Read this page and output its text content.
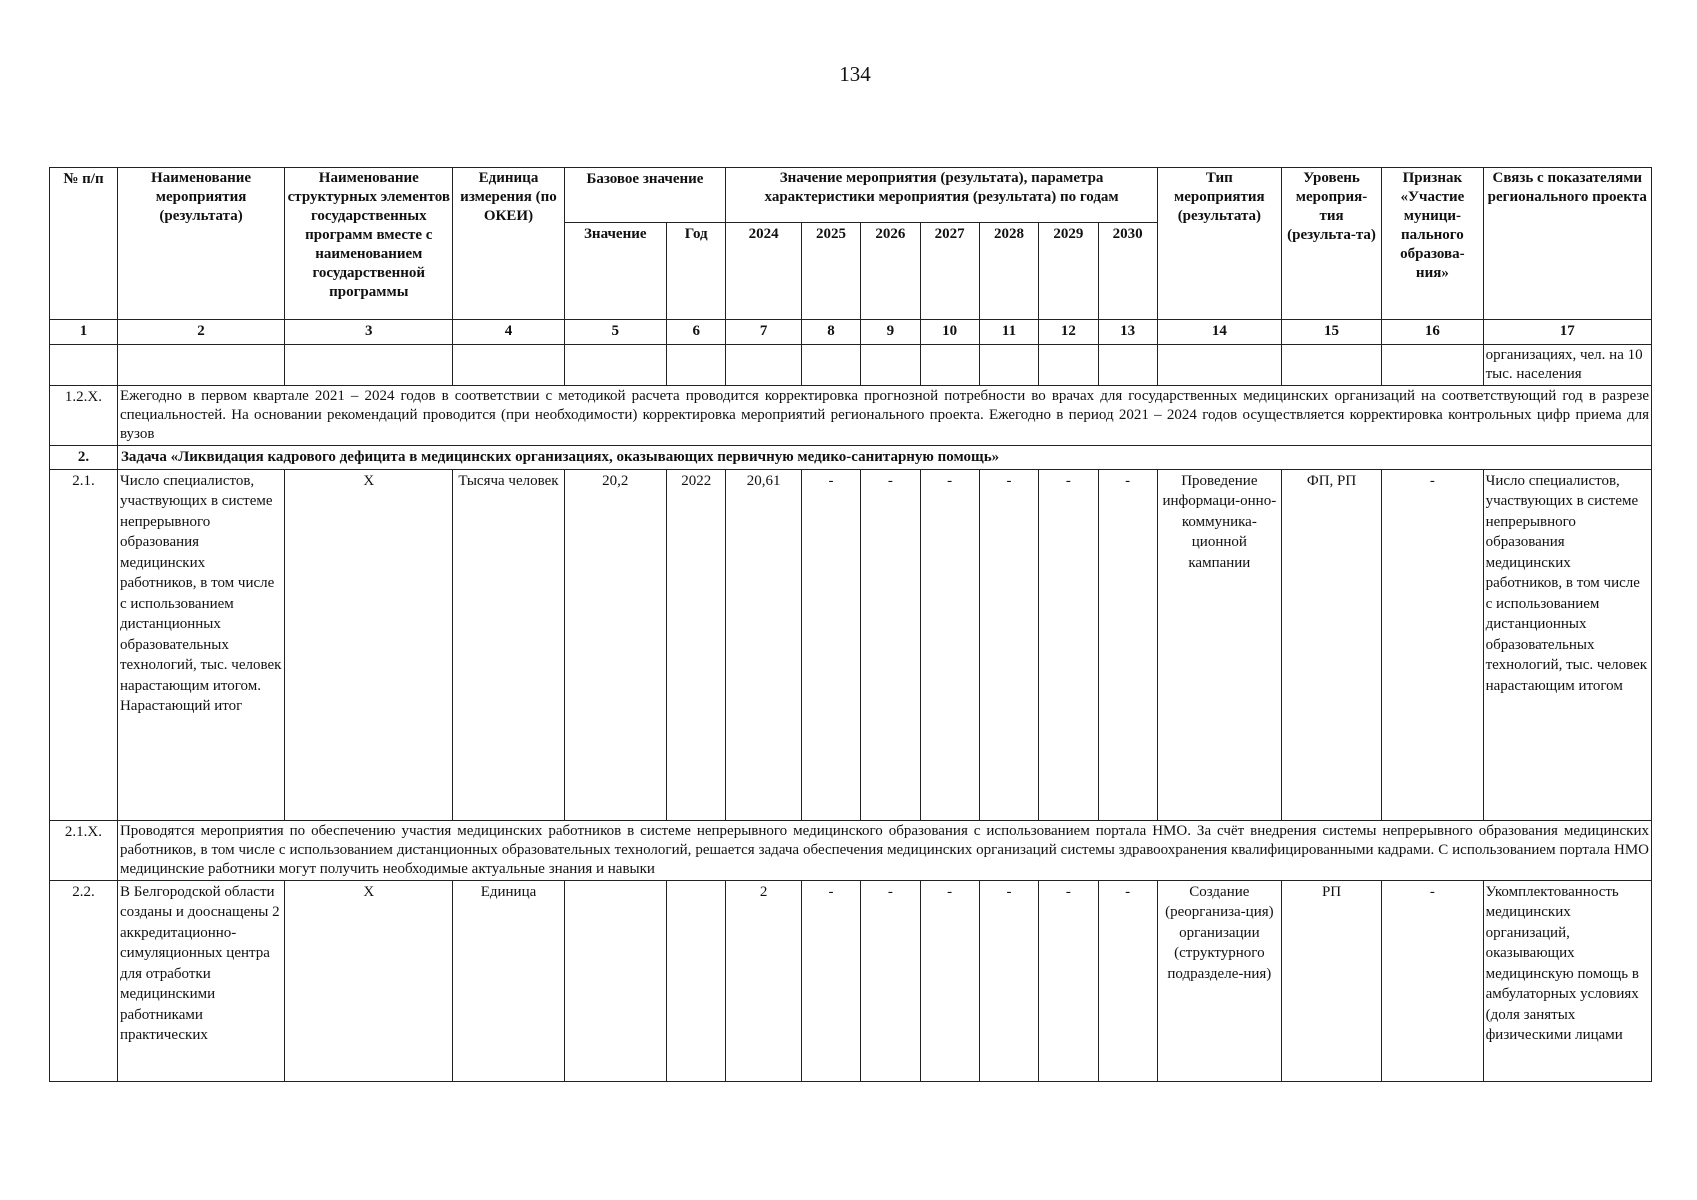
134
№ п/п	Наименование мероприятия (результата)	Наименование структурных элементов государственных программ вместе с наименованием государственной программы	Единица измерения (по ОКЕИ)	Базовое значение		Значение мероприятия (результата), параметра характеристики мероприятия (результата) по годам							Тип мероприятия (результата)	Уровень мероприя-тия (результа-та)	Признак «Участие муници-пального образова-ния»	Связь с показателями регионального проекта
				Значение	Год	2024	2025	2026	2027	2028	2029	2030				
1	2	3	4	5	6	7	8	9	10	11	12	13	14	15	16	17
																организациях, чел. на 10 тыс. населения
1.2.X.	Ежегодно в первом квартале 2021 – 2024 годов в соответствии с методикой расчета проводится корректировка прогнозной потребности во врачах для государственных медицинских организаций на соответствующий год в разрезе специальностей. На основании рекомендаций проводится (при необходимости) корректировка мероприятий регионального проекта. Ежегодно в период 2021 – 2024 годов осуществляется корректировка контрольных цифр приема для вузов															
2.	Задача «Ликвидация кадрового дефицита в медицинских организациях, оказывающих первичную медико-санитарную помощь»															
2.1.	Число специалистов, участвующих в системе непрерывного образования медицинских работников, в том числе с использованием дистанционных образовательных технологий, тыс. человек нарастающим итогом. Нарастающий итог	Х	Тысяча человек	20,2	2022	20,61	-	-	-	-	-	-	Проведение информаци-онно-коммуника-ционной кампании	ФП, РП	-	Число специалистов, участвующих в системе непрерывного образования медицинских работников, в том числе с использованием дистанционных образовательных технологий, тыс. человек нарастающим итогом
2.1.Х.	Проводятся мероприятия по обеспечению участия медицинских работников в системе непрерывного медицинского образования с использованием портала НМО. За счёт внедрения системы непрерывного образования медицинских работников, в том числе с использованием дистанционных образовательных технологий, решается задача обеспечения медицинских организаций системы здравоохранения квалифицированными кадрами. С использованием портала НМО медицинские работники могут получить необходимые актуальные знания и навыки															
2.2.	В Белгородской области созданы и дооснащены 2 аккредитационно-симуляционных центра для отработки медицинскими работниками практических	Х	Единица			2	-	-	-	-	-	-	Создание (реорганиза-ция) организации (структурного подразделе-ния)	РП	-	Укомплектованность медицинских организаций, оказывающих медицинскую помощь в амбулаторных условиях (доля занятых физическими лицами
